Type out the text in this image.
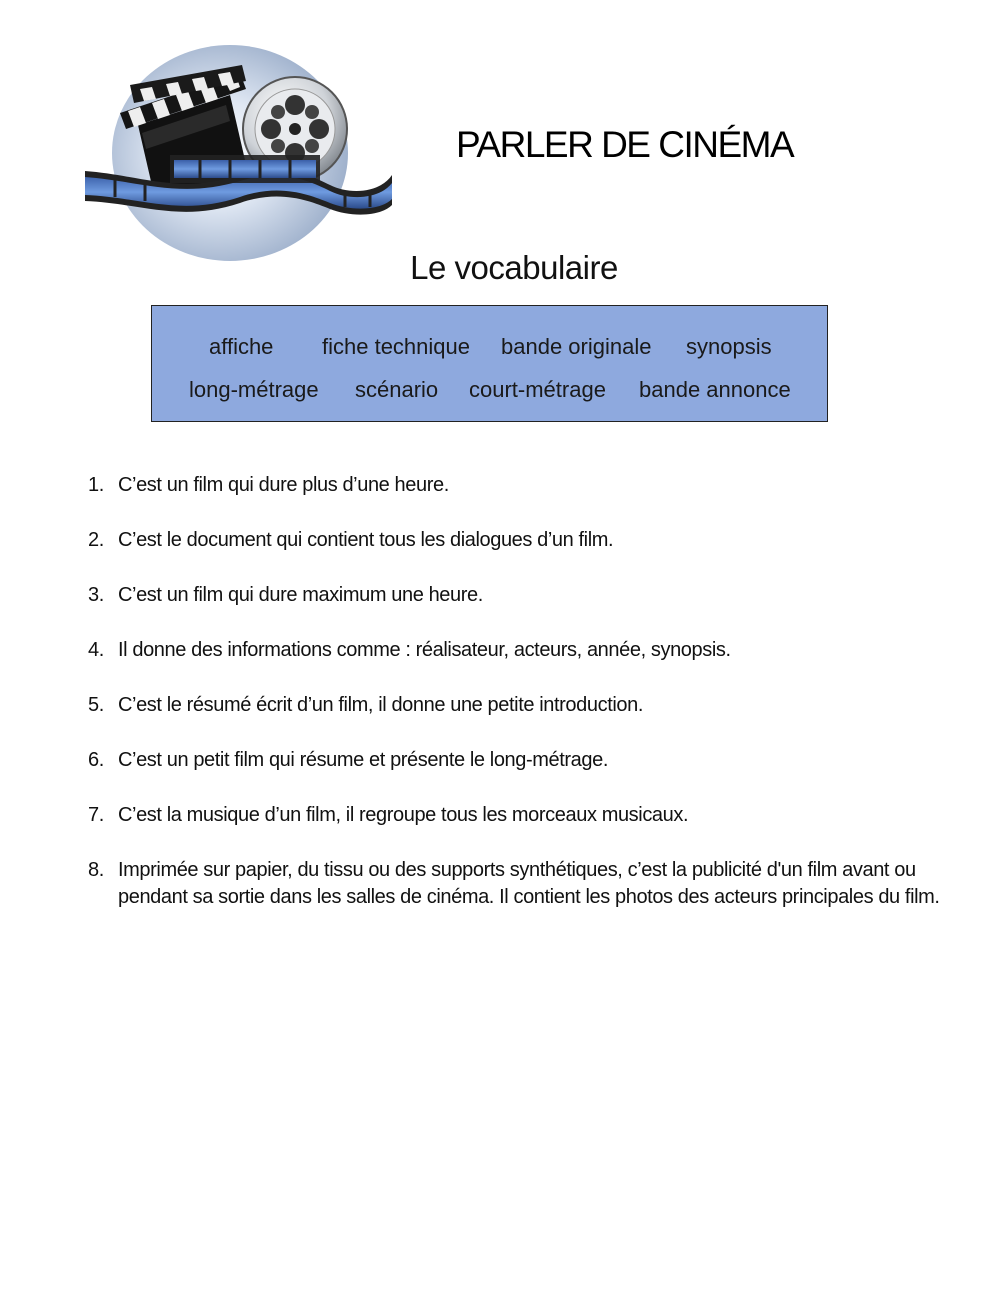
PARLER DE CINÉMA
Le vocabulaire
affiche fiche technique bande originale synopsis
long-métrage scénario court-métrage bande annonce
1. C’est un film qui dure plus d’une heure.
2. C’est le document qui contient tous les dialogues d’un film.
3. C’est un film qui dure maximum une heure.
4. Il donne des informations comme : réalisateur, acteurs, année, synopsis.
5. C’est le résumé écrit d’un film, il donne une petite introduction.
6. C’est un petit film qui résume et présente le long-métrage.
7. C’est la musique d’un film, il regroupe tous les morceaux musicaux.
8. Imprimée sur papier, du tissu ou des supports synthétiques, c’est la publicité d'un film avant ou pendant sa sortie dans les salles de cinéma. Il contient les photos des acteurs principales du film.
